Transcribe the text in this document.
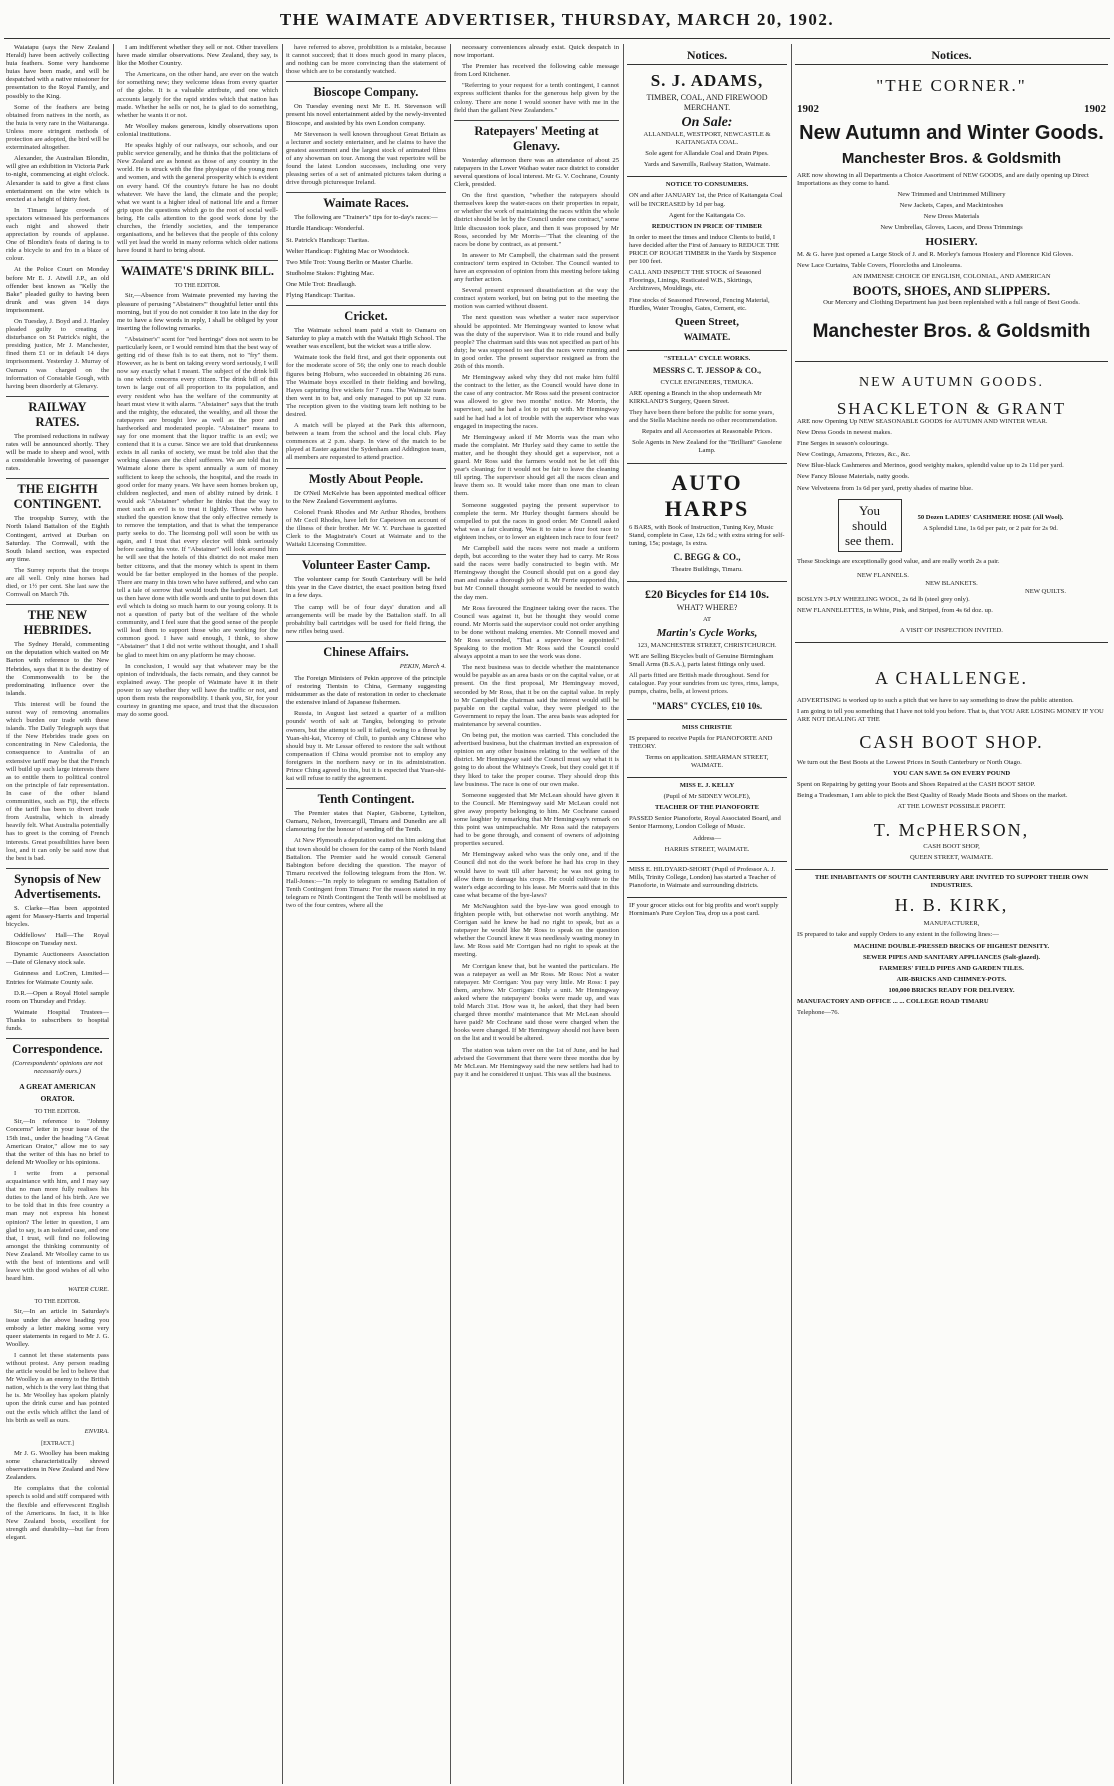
THE WAIMATE ADVERTISER, THURSDAY, MARCH 20, 1902.

Waiatapu (says the New Zealand Herald) have been actively collecting huia feathers. Some very handsome huias have been made, and will be despatched with a native missioner for presentation to the Royal Family, and possibly to the King.

Some of the feathers are being obtained from natives in the north, as the huia is very rare in the Waitaranga. Unless more stringent methods of protection are adopted, the bird will be exterminated altogether.

Alexander, the Australian Blondin, will give an exhibition in Victoria Park to-night, commencing at eight o'clock. Alexander is said to give a first class entertainment on the wire which is erected at a height of thirty feet.

In Timaru large crowds of spectators witnessed his performances each night and showed their appreciation by rounds of applause. One of Blondin's feats of daring is to ride a bicycle to and fro in a blaze of colour.

At the Police Court on Monday before Mr E. J. Atwill J.P., an old offender best known as "Kelly the Bake" pleaded guilty to having been drunk and was given 14 days imprisonment.

On Tuesday, J. Boyd and J. Hanley pleaded guilty to creating a disturbance on St Patrick's night, the presiding justice, Mr J. Manchester, fined them £1 or in default 14 days imprisonment. Yesterday J. Murray of Oamaru was charged on the information of Constable Gough, with having been disorderly at Glenavy.

RAILWAY RATES.

The promised reductions in railway rates will be announced shortly. They will be made to sheep and wool, with a considerable lowering of passenger rates.

THE EIGHTH CONTINGENT.

The troopship Surrey, with the North Island Battalion of the Eighth Contingent, arrived at Durban on Saturday. The Cornwall, with the South Island section, was expected any time.

The Surrey reports that the troops are all well. Only nine horses had died, or 1½ per cent. She last saw the Cornwall on March 7th.

THE NEW HEBRIDES.

The Sydney Herald, commenting on the deputation which waited on Mr Barton with reference to the New Hebrides, says that it is the destiny of the Commonwealth to be the predominating influence over the islands.

This interest will be found the surest way of removing anomalies which burden our trade with these islands. The Daily Telegraph says that if the New Hebrides trade goes on concentrating in New Caledonia, the consequence to Australia of an extensive tariff may be that the French will build up such large interests there as to entitle them to political control on the principle of fair representation. In case of the other island communities, such as Fiji, the effects of the tariff has been to divert trade from Australia, which is already heavily felt. What Australia potentially has to greet is the coming of French interests. Great possibilities have been lost, and it can only be said now that the best is bad.

Synopsis of New Advertisements.

S. Clarke—Has been appointed agent for Massey-Harris and Imperial bicycles.

Oddfellows' Hall—The Royal Bioscope on Tuesday next.

Dynamic Auctioneers Association—Date of Glenavy stock sale.

Guinness and LoCren, Limited—Entries for Waimate County sale.

D.R.—Open a Royal Hotel sample room on Thursday and Friday.

Waimate Hospital Trustees—Thanks to subscribers to hospital funds.

Correspondence.
(Correspondents' opinions are not necessarily ours.)
A GREAT AMERICAN ORATOR.
TO THE EDITOR.

Sir,—In reference to "Johnny Concerns" letter in your issue of the 15th inst., under the heading "A Great American Orator," allow me to say that the writer of this has no brief to defend Mr Woolley or his opinions.

I write from a personal acquaintance with him, and I may say that no man more fully realises his duties to the land of his birth. Are we to be told that in this free country a man may not express his honest opinion? The letter in question, I am glad to say, is an isolated case, and one that, I trust, will find no following amongst the thinking community of New Zealand. Mr Woolley came to us with the best of intentions and will leave with the good wishes of all who heard him.

WATER CURE.
TO THE EDITOR.

Sir,—In an article in Saturday's issue under the above heading you embody a letter making some very queer statements in regard to Mr J. G. Woolley.

I cannot let these statements pass without protest. Any person reading the article would be led to believe that Mr Woolley is an enemy to the British nation, which is the very last thing that he is. Mr Woolley has spoken plainly upon the drink curse and has pointed out the evils which afflict the land of his birth as well as ours.

ENVIRA.
[EXTRACT.]

Mr J. G. Woolley has been making some characteristically shrewd observations in New Zealand and New Zealanders.

He complains that the colonial speech is solid and stiff compared with the flexible and effervescent English of the Americans. In fact, it is like New Zealand boots, excellent for strength and durability—but far from elegant.

I am indifferent whether they sell or not. Other travellers have made similar observations. New Zealand, they say, is like the Mother Country.

The Americans, on the other hand, are ever on the watch for something new; they welcome ideas from every quarter of the globe. It is a valuable attribute, and one which accounts largely for the rapid strides which that nation has made. Whether he sells or not, he is glad to do something, whether he wants it or not.

Mr Woolley makes generous, kindly observations upon colonial institutions.

He speaks highly of our railways, our schools, and our public service generally, and he thinks that the politicians of New Zealand are as honest as those of any country in the world. He is struck with the fine physique of the young men and women, and with the general prosperity which is evident on every hand. Of the country's future he has no doubt whatever. We have the land, the climate and the people; what we want is a higher ideal of national life and a firmer grip upon the questions which go to the root of social well-being. He calls attention to the good work done by the churches, the friendly societies, and the temperance organisations, and he believes that the people of this colony will yet lead the world in many reforms which older nations have found it hard to bring about.

WAIMATE'S DRINK BILL.
TO THE EDITOR.

Sir,—Absence from Waimate prevented my having the pleasure of perusing "Abstainers'" thoughtful letter until this morning, but if you do not consider it too late in the day for me to have a few words in reply, I shall be obliged by your inserting the following remarks.

"Abstainer's" scent for "red herrings" does not seem to be particularly keen, or I would remind him that the best way of getting rid of these fish is to eat them, not to "fry" them. However, as he is bent on taking every word seriously, I will now say exactly what I meant. The subject of the drink bill is one which concerns every citizen. The drink bill of this town is large out of all proportion to its population, and every resident who has the welfare of the community at heart must view it with alarm. "Abstainer" says that the truth and the mighty, the educated, the wealthy, and all those the ratepayers are brought low as well as the poor and hardworked and moderated people. "Abstainer" means to say for one moment that the liquor traffic is an evil; we contend that it is a curse. Since we are told that drunkenness exists in all ranks of society, we must be told also that the working classes are the chief sufferers. We are told that in Waimate alone there is spent annually a sum of money sufficient to keep the schools, the hospital, and the roads in good order for many years. We have seen homes broken up, children neglected, and men of ability ruined by drink. I would ask "Abstainer" whether he thinks that the way to meet such an evil is to treat it lightly. Those who have studied the question know that the only effective remedy is to remove the temptation, and that is what the temperance party seeks to do. The licensing poll will soon be with us again, and I trust that every elector will think seriously before casting his vote. If "Abstainer" will look around him he will see that the hotels of this district do not make men better citizens, and that the money which is spent in them would be far better employed in the homes of the people. There are many in this town who have suffered, and who can tell a tale of sorrow that would touch the hardest heart. Let us then have done with idle words and unite to put down this evil which is doing so much harm to our young colony. It is not a question of party but of the welfare of the whole community, and I feel sure that the good sense of the people will lead them to support those who are working for the common good. I have said enough, I think, to show "Abstainer" that I did not write without thought, and I shall be glad to meet him on any platform he may choose.

In conclusion, I would say that whatever may be the opinion of individuals, the facts remain, and they cannot be explained away. The people of Waimate have it in their power to say whether they will have the traffic or not, and upon them rests the responsibility. I thank you, Sir, for your courtesy in granting me space, and trust that the discussion may do some good.

have referred to above, prohibition is a mistake, because it cannot succeed; that it does much good in many places, and nothing can be more convincing than the statement of those which are to be constantly watched.

Bioscope Company.

On Tuesday evening next Mr E. H. Stevenson will present his novel entertainment aided by the newly-invented Bioscope, and assisted by his own London company.

Mr Stevenson is well known throughout Great Britain as a lecturer and society entertainer, and he claims to have the greatest assortment and the largest stock of animated films of any showman on tour. Among the vast repertoire will be found the latest London successes, including one very pleasing series of a set of animated pictures taken during a drive through picturesque Ireland.

Waimate Races.

The following are "Trainer's" tips for to-day's races:—

Hurdle Handicap: Wonderful.

St. Patrick's Handicap: Tiaritas.

Welter Handicap: Fighting Mac or Woodstock.

Two Mile Trot: Young Berlin or Master Charlie.

Studholme Stakes: Fighting Mac.

One Mile Trot: Bradlaugh.

Flying Handicap: Tiaritas.

Cricket.

The Waimate school team paid a visit to Oamaru on Saturday to play a match with the Waitaki High School. The weather was excellent, but the wicket was a trifle slow.

Waimate took the field first, and got their opponents out for the moderate score of 56; the only one to reach double figures being Hoburn, who succeeded in obtaining 26 runs. The Waimate boys excelled in their fielding and bowling, Hayes capturing five wickets for 7 runs. The Waimate team then went in to bat, and only managed to put up 32 runs. The reception given to the visiting team left nothing to be desired.

A match will be played at the Park this afternoon, between a team from the school and the local club. Play commences at 2 p.m. sharp. In view of the match to be played at Easter against the Sydenham and Addington team, all members are requested to attend practice.

Mostly About People.

Dr O'Neil McKelvie has been appointed medical officer to the New Zealand Government asylums.

Colonel Frank Rhodes and Mr Arthur Rhodes, brothers of Mr Cecil Rhodes, have left for Capetown on account of the illness of their brother. Mr W. Y. Purchase is gazetted Clerk to the Magistrate's Court at Waimate and to the Waitaki Licensing Committee.

Volunteer Easter Camp.

The volunteer camp for South Canterbury will be held this year in the Cave district, the exact position being fixed in a few days.

The camp will be of four days' duration and all arrangements will be made by the Battalion staff. In all probability ball cartridges will be used for field firing, the new rifles being used.

Chinese Affairs.
PEKIN, March 4.

The Foreign Ministers of Pekin approve of the principle of restoring Tientsin to China, Germany suggesting midsummer as the date of restoration in order to checkmate the extensive inland of Japanese fishermen.

Russia, in August last seized a quarter of a million pounds' worth of salt at Tangku, belonging to private owners, but the attempt to sell it failed, owing to a threat by Yuan-shi-kai, Viceroy of Chili, to punish any Chinese who should buy it. Mr Lessar offered to restore the salt without compensation if China would promise not to employ any foreigners in the northern navy or in its administration. Prince Ching agreed to this, but it is expected that Yuan-shi-kai will refuse to ratify the agreement.

Tenth Contingent.

The Premier states that Napier, Gisborne, Lyttelton, Oamaru, Nelson, Invercargill, Timaru and Dunedin are all clamouring for the honour of sending off the Tenth.

At New Plymouth a deputation waited on him asking that that town should be chosen for the camp of the North Island Battalion. The Premier said he would consult General Babington before deciding the question. The mayor of Timaru received the following telegram from the Hon. W. Hall-Jones:—"In reply to telegram re sending Battalion of Tenth Contingent from Timaru: For the reason stated in my telegram re Ninth Contingent the Tenth will be mobilised at two of the four centres, where all the

necessary conveniences already exist. Quick despatch in now important.

The Premier has received the following cable message from Lord Kitchener.

"Referring to your request for a tenth contingent, I cannot express sufficient thanks for the generous help given by the colony. There are none I would sooner have with me in the field than the gallant New Zealanders."

Ratepayers' Meeting at Glenavy.

Yesterday afternoon there was an attendance of about 25 ratepayers in the Lower Waihao water race district to consider several questions of local interest. Mr G. V. Cochrane, County Clerk, presided.

On the first question, "whether the ratepayers should themselves keep the water-races on their properties in repair, or whether the work of maintaining the races within the whole district should be let by the Council under one contract," some little discussion took place, and then it was proposed by Mr Ross, seconded by Mr Morris—"That the cleaning of the races be done by contract, as at present."

In answer to Mr Campbell, the chairman said the present contractors' term expired in October. The Council wanted to have an expression of opinion from this meeting before taking any further action.

Several present expressed dissatisfaction at the way the contract system worked, but on being put to the meeting the motion was carried without dissent.

The next question was whether a water race supervisor should be appointed. Mr Hemingway wanted to know what was the duty of the supervisor. Was it to ride round and bully people? The chairman said this was not specified as part of his duty; he was supposed to see that the races were running and in good order. The present supervisor resigned as from the 26th of this month.

Mr Hemingway asked why they did not make him fulfil the contract to the letter, as the Council would have done in the case of any contractor. Mr Ross said the present contractor was allowed to give two months' notice. Mr Morris, the supervisor, said he had a lot to put up with. Mr Hemingway said he had had a lot of trouble with the supervisor who was engaged in inspecting the races.

Mr Hemingway asked if Mr Morris was the man who made the complaint. Mr Hurley said they came to settle the matter, and he thought they should get a supervisor, not a guard. Mr Ross said the farmers would not be let off this year's cleaning; for it would not be fair to leave the cleaning till spring. The supervisor should get all the races clean and leave them so. It would take more than one man to clean them.

Someone suggested paying the present supervisor to complete the term. Mr Hurley thought farmers should be compelled to put the races in good order. Mr Connell asked what was a fair cleaning. Was it to raise a four foot race to eighteen inches, or to lower an eighteen inch race to four feet?

Mr Campbell said the races were not made a uniform depth, but according to the water they had to carry. Mr Ross said the races were badly constructed to begin with. Mr Hemingway thought the Council should put on a good day man and make a thorough job of it. Mr Ferrie supported this, but Mr Connell thought someone would be needed to watch the day men.

Mr Ross favoured the Engineer taking over the races. The Council was against it, but he thought they would come round. Mr Morris said the supervisor could not order anything to be done without making enemies. Mr Connell moved and Mr Ross seconded, "That a supervisor be appointed." Speaking to the motion Mr Ross said the Council could always appoint a man to see the work was done.

The next business was to decide whether the maintenance would be payable as an area basis or on the capital value, or at present. On the first proposal, Mr Hemingway moved, seconded by Mr Ross, that it be on the capital value. In reply to Mr Campbell the chairman said the interest would still be payable on the capital value, they were pledged to the Government to repay the loan. The area basis was adopted for maintenance by several counties.

On being put, the motion was carried. This concluded the advertised business, but the chairman invited an expression of opinion on any other business relating to the welfare of the district. Mr Hemingway said the Council must say what it is going to do about the Whitney's Creek, but they could get it if they liked to take the proper course. They should drop this law business. The race is one of our own make.

Someone suggested that Mr McLean should have given it to the Council. Mr Hemingway said Mr McLean could not give away property belonging to him. Mr Cochrane caused some laughter by remarking that Mr Hemingway's remark on this point was unimpeachable. Mr Ross said the ratepayers had to be gone through, and consent of owners of adjoining properties secured.

Mr Hemingway asked who was the only one, and if the Council did not do the work before he had his crop in they would have to wait till after harvest; he was not going to allow them to damage his crops. He could cultivate to the water's edge according to his lease. Mr Morris said that in this case what became of the bye-laws?

Mr McNaughton said the bye-law was good enough to frighten people with, but otherwise not worth anything. Mr Corrigan said he knew he had no right to speak, but as a ratepayer he would like Mr Ross to speak on the question whether the Council knew it was needlessly wasting money in law. Mr Ross said Mr Corrigan had no right to speak at the meeting.

Mr Corrigan knew that, but he wanted the particulars. He was a ratepayer as well as Mr Ross. Mr Ross: Not a water ratepayer. Mr Corrigan: You pay very little. Mr Ross: I pay them, anyhow. Mr Corrigan: Only a unit. Mr Hemingway asked where the ratepayers' books were made up, and was told March 31st. How was it, he asked, that they had been charged three months' maintenance that Mr McLean should have paid? Mr Cochrane said those were charged when the books were changed. If Mr Hemingway should not have been on the list and it would be altered.

The station was taken over on the 1st of June, and he had advised the Government that there were three months due by Mr McLean. Mr Hemingway said the new settlers had had to pay it and he considered it unjust. This was all the business.

Notices.
S. J. ADAMS,

TIMBER, COAL, AND FIREWOOD MERCHANT.

On Sale:

ALLANDALE, WESTPORT, NEWCASTLE & KAITANGATA COAL.

Sole agent for Allandale Coal and Drain Pipes.

Yards and Sawmills, Railway Station, Waimate.

NOTICE TO CONSUMERS.

ON and after JANUARY 1st, the Price of Kaitangata Coal will be INCREASED by 1d per bag.

Agent for the Kaitangata Co.

REDUCTION IN PRICE OF TIMBER

In order to meet the times and induce Clients to build, I have decided after the First of January to REDUCE THE PRICE OF ROUGH TIMBER in the Yards by Sixpence per 100 feet.

CALL AND INSPECT THE STOCK of Seasoned Floorings, Linings, Rusticated W.B., Skirtings, Architraves, Mouldings, etc.

Fine stocks of Seasoned Firewood, Fencing Material, Hurdles, Water Troughs, Gates, Cement, etc.

Queen Street,
WAIMATE.

"STELLA" CYCLE WORKS.

MESSRS C. T. JESSOP & CO.,

CYCLE ENGINEERS, TEMUKA.

ARE opening a Branch in the shop underneath Mr KIRKLAND'S Surgery, Queen Street.

They have been there before the public for some years, and the Stella Machine needs no other recommendation.

Repairs and all Accessories at Reasonable Prices.

Sole Agents in New Zealand for the "Brilliant" Gasolene Lamp.

AUTO HARPS

6 BARS, with Book of Instruction, Tuning Key, Music Stand, complete in Case, 12s 6d.; with extra string for self-tuning, 15s; postage, 1s extra.

C. BEGG & CO.,

Theatre Buildings, Timaru.

£20 Bicycles for £14 10s.

WHAT? WHERE?

AT

Martin's Cycle Works,

123, MANCHESTER STREET, CHRISTCHURCH.

WE are Selling Bicycles built of Genuine Birmingham Small Arms (B.S.A.), parts latest fittings only used.

All parts fitted are British made throughout. Send for catalogue. Pay your sundries from us: tyres, rims, lamps, pumps, chains, bells, at lowest prices.

"MARS" CYCLES, £10 10s.

MISS CHRISTIE

IS prepared to receive Pupils for PIANOFORTE AND THEORY.

Terms on application. SHEARMAN STREET, WAIMATE.

MISS E. J. KELLY

(Pupil of Mr SIDNEY WOLFE),

TEACHER OF THE PIANOFORTE

PASSED Senior Pianoforte, Royal Associated Board, and Senior Harmony, London College of Music.

Address—

HARRIS STREET, WAIMATE.

MISS E. HILDYARD-SHORT (Pupil of Professor A. J. Mills, Trinity College, London) has started a Teacher of Pianoforte, in Waimate and surrounding districts.

IF your grocer sticks out for big profits and won't supply Horniman's Pure Ceylon Tea, drop us a post card.

Notices.
"THE CORNER."
1902	1902
New Autumn and Winter Goods.
Manchester Bros. & Goldsmith

ARE now showing in all Departments a Choice Assortment of NEW GOODS, and are daily opening up Direct Importations as they come to hand.

New Trimmed and Untrimmed Millinery

New Jackets, Capes, and Mackintoshes

New Dress Materials

New Umbrellas, Gloves, Laces, and Dress Trimmings

HOSIERY.

M. & G. have just opened a Large Stock of J. and R. Morley's famous Hosiery and Florence Kid Gloves.

New Lace Curtains, Table Covers, Floorcloths and Linoleums.

AN IMMENSE CHOICE OF ENGLISH, COLONIAL, AND AMERICAN

BOOTS, SHOES, AND SLIPPERS.

Our Mercery and Clothing Department has just been replenished with a full range of Best Goods.

Manchester Bros. & Goldsmith
NEW AUTUMN GOODS.
SHACKLETON & GRANT

ARE now Opening Up NEW SEASONABLE GOODS for AUTUMN AND WINTER WEAR.

New Dress Goods in newest makes.

Fine Serges in season's colourings.

New Costings, Amazons, Friezes, &c., &c.

New Blue-black Cashmeres and Merinos, good weighty makes, splendid value up to 2s 11d per yard.

New Fancy Blouse Materials, natty goods.

New Velveteens from 1s 6d per yard, pretty shades of marine blue.

You should see them.

50 Dozen LADIES' CASHMERE HOSE (All Wool).

A Splendid Line, 1s 6d per pair, or 2 pair for 2s 9d.

These Stockings are exceptionally good value, and are really worth 2s a pair.

NEW FLANNELS.
NEW BLANKETS.
NEW QUILTS.

BOSLYN 3-PLY WHEELING WOOL, 2s 6d lb (steel grey only).

NEW FLANNELETTES, in White, Pink, and Striped, from 4s 6d doz. up.

A VISIT OF INSPECTION INVITED.

A CHALLENGE.

ADVERTISING is worked up to such a pitch that we have to say something to draw the public attention.

I am going to tell you something that I have not told you before. That is, that YOU ARE LOSING MONEY IF YOU ARE NOT DEALING AT THE

CASH BOOT SHOP.

We turn out the Best Boots at the Lowest Prices in South Canterbury or North Otago.

YOU CAN SAVE 5s ON EVERY POUND

Spent on Repairing by getting your Boots and Shoes Repaired at the CASH BOOT SHOP.

Being a Tradesman, I am able to pick the Best Quality of Ready Made Boots and Shoes on the market.

AT THE LOWEST POSSIBLE PROFIT.

T. McPHERSON,

CASH BOOT SHOP,

QUEEN STREET, WAIMATE.

THE INHABITANTS OF SOUTH CANTERBURY ARE INVITED TO SUPPORT THEIR OWN INDUSTRIES.

H. B. KIRK,

MANUFACTURER,

IS prepared to take and supply Orders to any extent in the following lines:—

MACHINE DOUBLE-PRESSED BRICKS OF HIGHEST DENSITY.

SEWER PIPES AND SANITARY APPLIANCES (Salt-glazed).

FARMERS' FIELD PIPES AND GARDEN TILES.

AIR-BRICKS AND CHIMNEY-POTS.

100,000 BRICKS READY FOR DELIVERY.

MANUFACTORY AND OFFICE ... ... COLLEGE ROAD TIMARU

Telephone—76.
